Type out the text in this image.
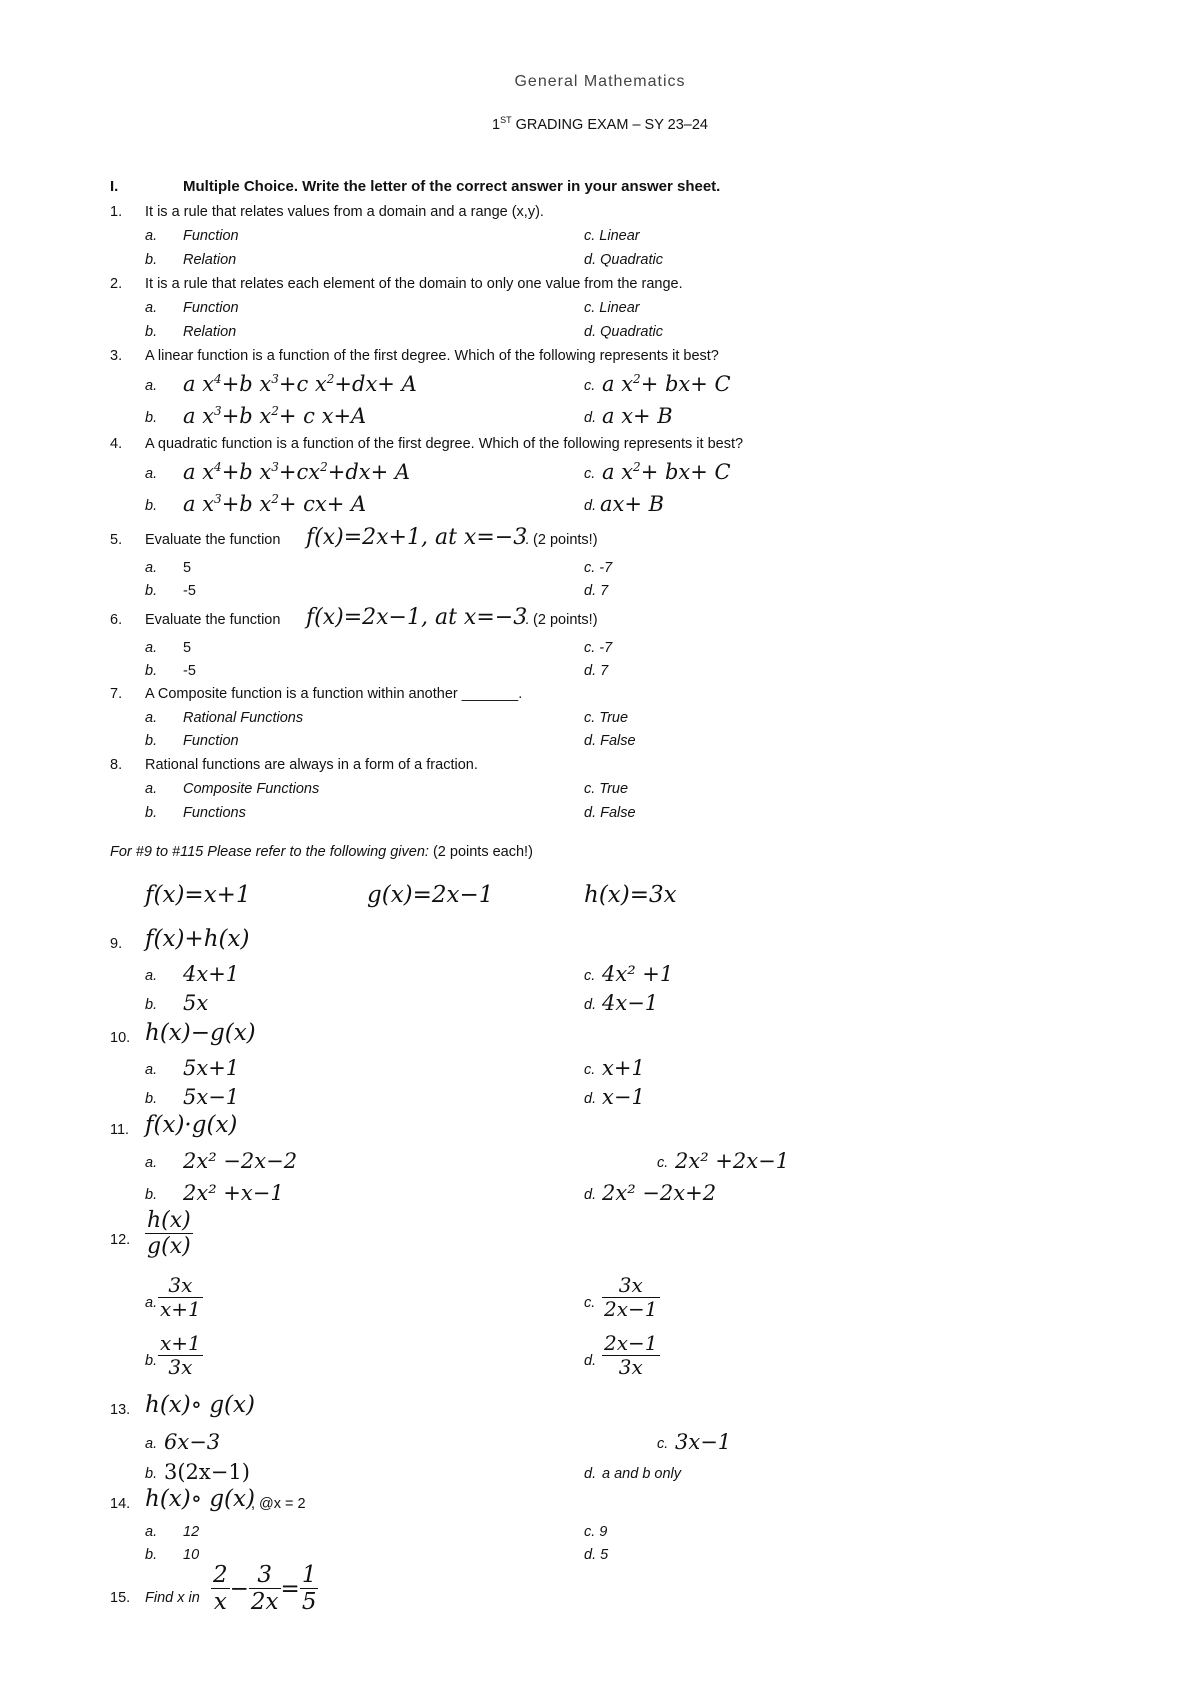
General Mathematics
1ST GRADING EXAM – SY 23–24
I.	Multiple Choice. Write the letter of the correct answer in your answer sheet.
1. It is a rule that relates values from a domain and a range (x,y).
a. Function	c. Linear
b. Relation	d. Quadratic
2. It is a rule that relates each element of the domain to only one value from the range.
a. Function	c. Linear
b. Relation	d. Quadratic
3. A linear function is a function of the first degree. Which of the following represents it best?
a. a $x^4+b$ $x^3+c$ $x^2+dx+ A$	c. a $x^2+ bx+ C$
b. a $x^3+b$ $x^2+ c$ x+A	d. a x+ B
4. A quadratic function is a function of the first degree. Which of the following represents it best?
a. a $x^4+b$ $x^3+cx^2+dx+ A$	c. a $x^2+ bx+ C$
b. a $x^3+b$ $x^2+ cx+ A$	d. ax+ B
5. Evaluate the function f(x)=2x+1, at x=−3
. (2 points!)
a. 5	c. -7
b. -5	d. 7
6. Evaluate the function f(x)=2x−1, at x=−3
. (2 points!)
a. 5	c. -7
b. -5	d. 7
7. A Composite function is a function within another _______.
a. Rational Functions	c. True
b. Function	d. False
8. Rational functions are always in a form of a fraction.
a. Composite Functions	c. True
b. Functions	d. False
For #9 to #115 Please refer to the following given: (2 points each!)
f(x)=x+1	g(x)=2x−1	h(x)=3x
9. f(x)+h(x)
a. 4x+1	c. 4x² +1
b. 5x	d. 4x−1
10. h(x)−g(x)
a. 5x+1	c. x+1
b. 5x−1	d. x−1
11. f(x)·g(x)
a. 2x² −2x−2	c. 2x² +2x−1
b. 2x² +x−1	d. 2x² −2x+2
12. $\frac{h(x)}{g(x)}$
a. $\frac{3x}{x+1}$	c. $\frac{3x}{2x-1}$
b. $\frac{x+1}{3x}$	d. $\frac{2x-1}{3x}$
13. h(x)∘ g(x)
a. 6x−3	c. 3x−1
b. 3(2x−1)	d. a and b only
14. h(x)∘ g(x)
, @x = 2
a. 12	c. 9
b. 10	d. 5
15. Find x in $\frac{2}{x} - \frac{3}{2x} = \frac{1}{5}$
